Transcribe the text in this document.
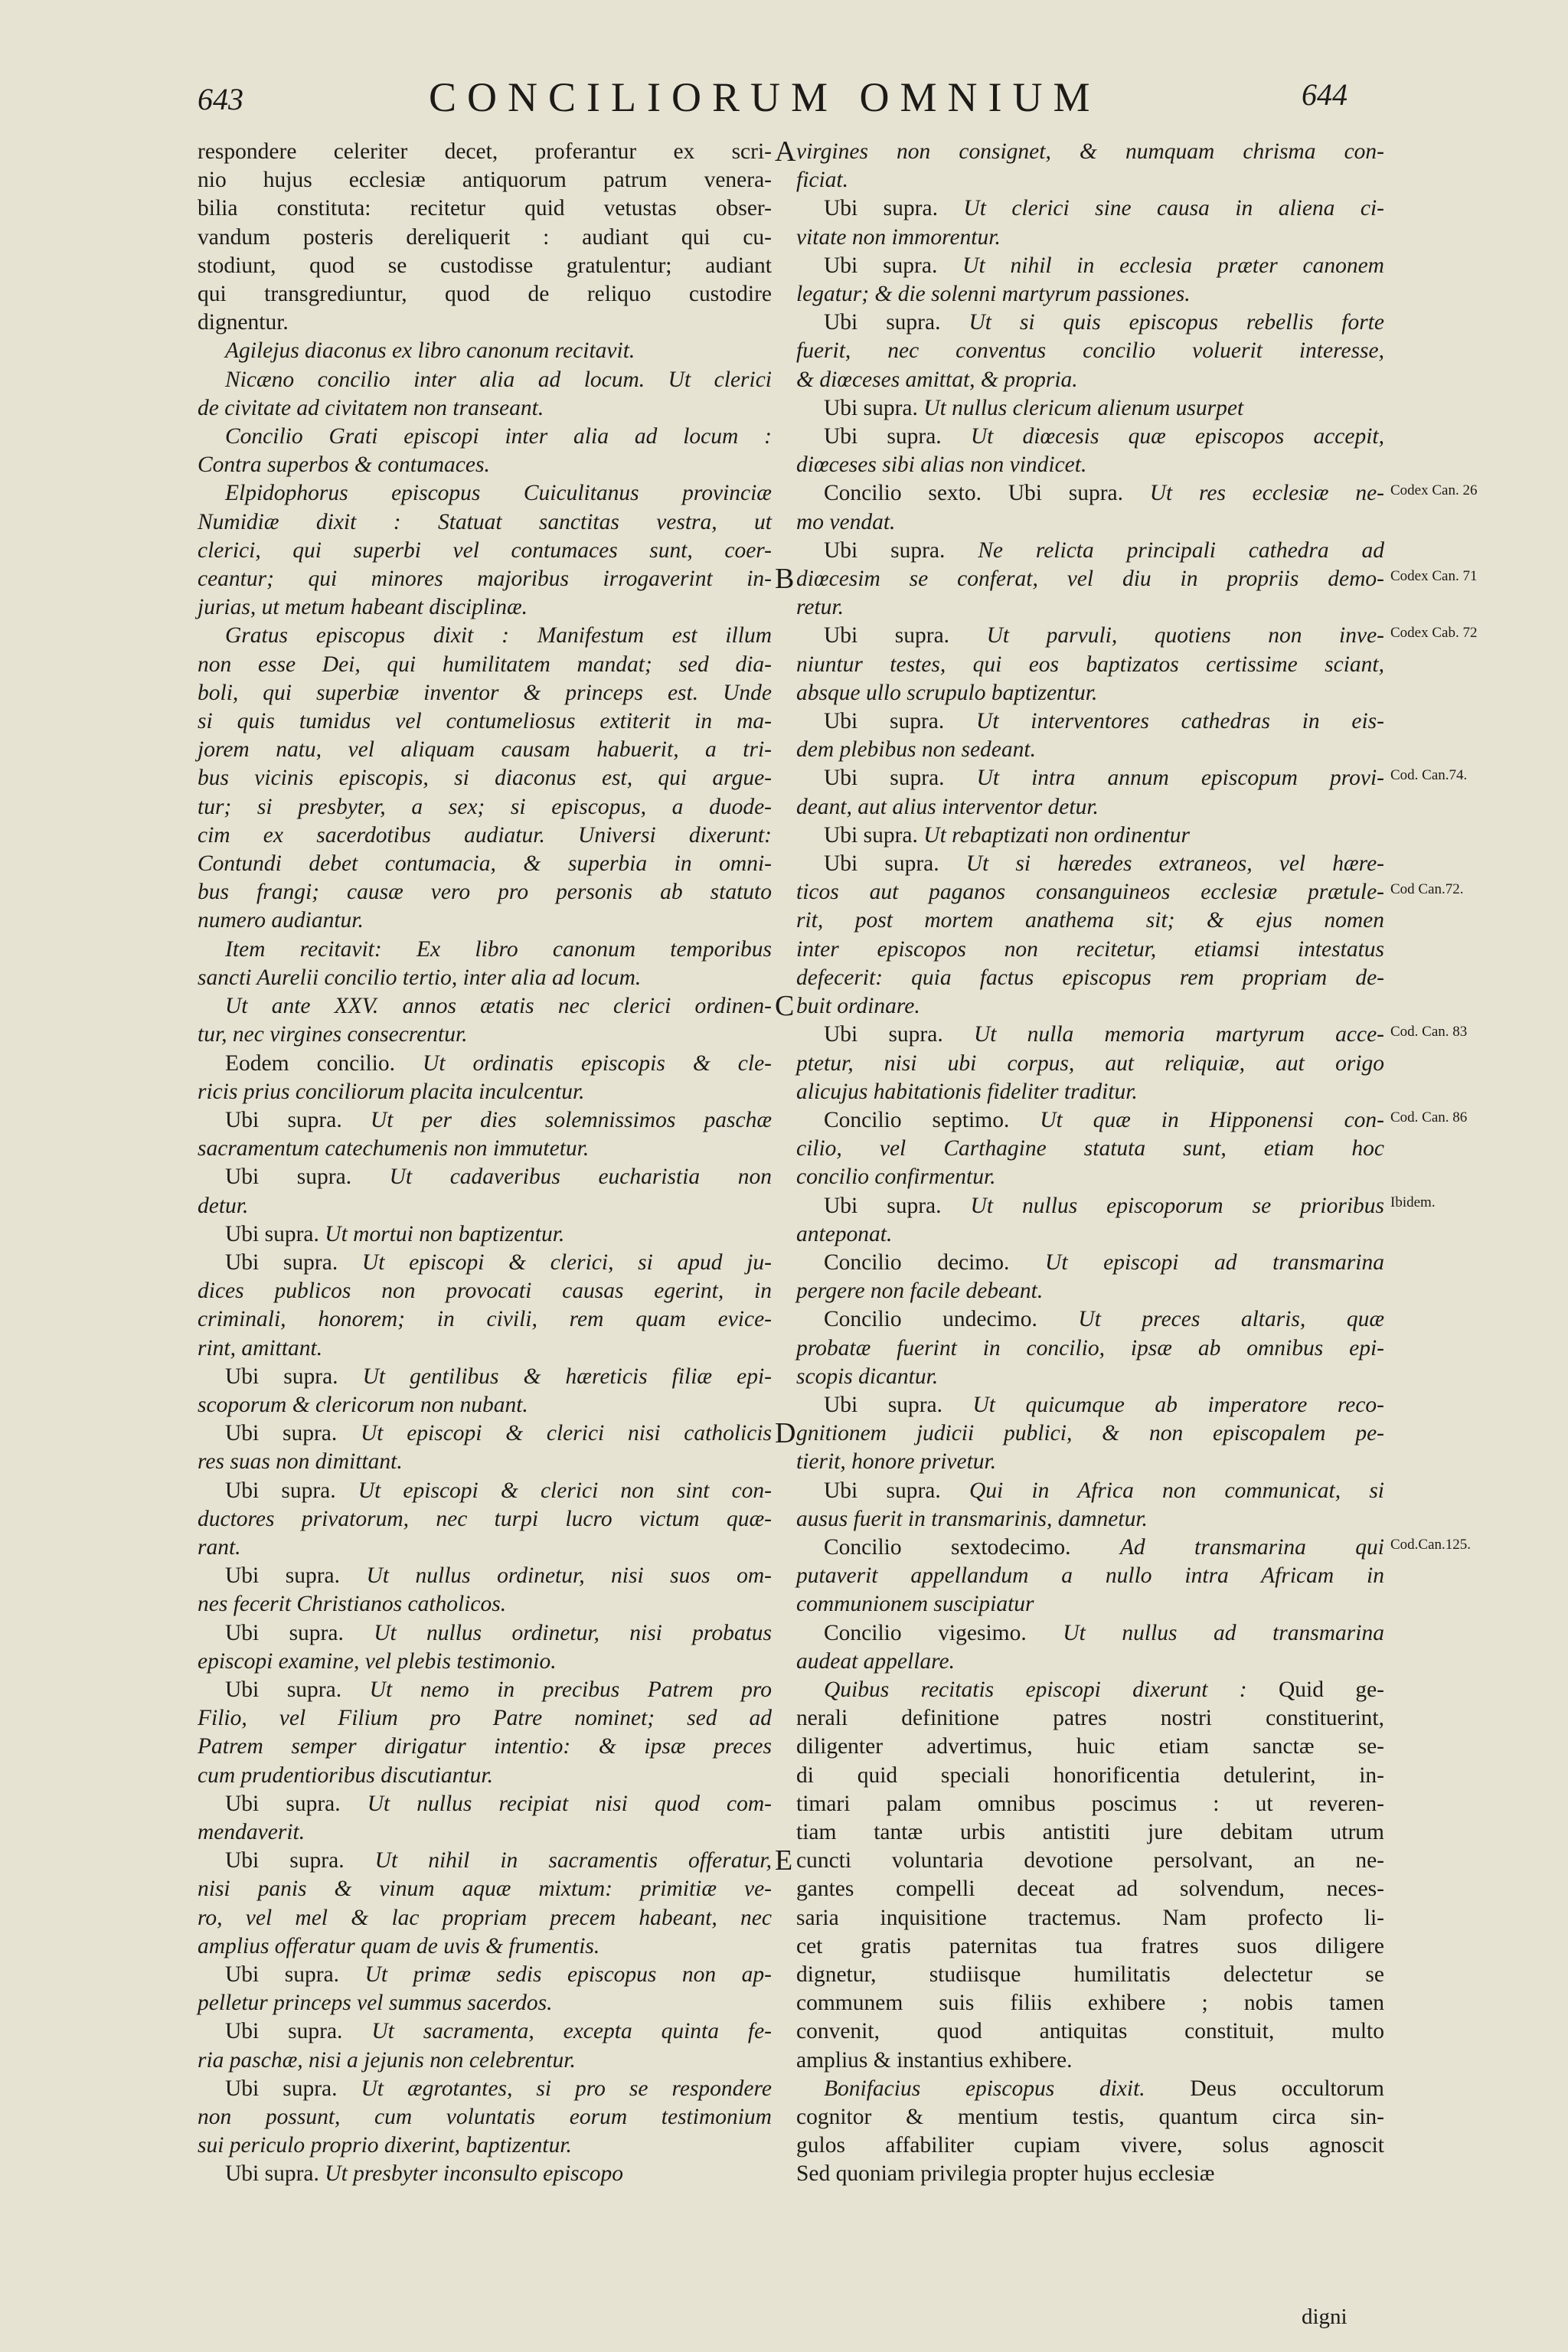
643	CONCILIORUM OMNIUM	644

respondere celeriter decet, proferantur ex scri-

nio hujus ecclesiæ antiquorum patrum venera-

bilia constituta: recitetur quid vetustas obser-

vandum posteris dereliquerit : audiant qui cu-

stodiunt, quod se custodisse gratulentur; audiant

qui transgrediuntur, quod de reliquo custodire

dignentur.

Agilejus diaconus ex libro canonum recitavit.

Nicæno concilio inter alia ad locum. Ut clerici

de civitate ad civitatem non transeant.

Concilio Grati episcopi inter alia ad locum :

Contra superbos & contumaces.

Elpidophorus episcopus Cuiculitanus provinciæ

Numidiæ dixit : Statuat sanctitas vestra, ut

clerici, qui superbi vel contumaces sunt, coer-

ceantur; qui minores majoribus irrogaverint in-

jurias, ut metum habeant disciplinæ.

Gratus episcopus dixit : Manifestum est illum

non esse Dei, qui humilitatem mandat; sed dia-

boli, qui superbiæ inventor & princeps est. Unde

si quis tumidus vel contumeliosus extiterit in ma-

jorem natu, vel aliquam causam habuerit, a tri-

bus vicinis episcopis, si diaconus est, qui argue-

tur; si presbyter, a sex; si episcopus, a duode-

cim ex sacerdotibus audiatur. Universi dixerunt:

Contundi debet contumacia, & superbia in omni-

bus frangi; causæ vero pro personis ab statuto

numero audiantur.

Item recitavit: Ex libro canonum temporibus

sancti Aurelii concilio tertio, inter alia ad locum.

Ut ante XXV. annos ætatis nec clerici ordinen-

tur, nec virgines consecrentur.

Eodem concilio. Ut ordinatis episcopis & cle-

ricis prius conciliorum placita inculcentur.

Ubi supra. Ut per dies solemnissimos paschæ

sacramentum catechumenis non immutetur.

Ubi supra. Ut cadaveribus eucharistia non

detur.

Ubi supra. Ut mortui non baptizentur.

Ubi supra. Ut episcopi & clerici, si apud ju-

dices publicos non provocati causas egerint, in

criminali, honorem; in civili, rem quam evice-

rint, amittant.

Ubi supra. Ut gentilibus & hæreticis filiæ epi-

scoporum & clericorum non nubant.

Ubi supra. Ut episcopi & clerici nisi catholicis

res suas non dimittant.

Ubi supra. Ut episcopi & clerici non sint con-

ductores privatorum, nec turpi lucro victum quæ-

rant.

Ubi supra. Ut nullus ordinetur, nisi suos om-

nes fecerit Christianos catholicos.

Ubi supra. Ut nullus ordinetur, nisi probatus

episcopi examine, vel plebis testimonio.

Ubi supra. Ut nemo in precibus Patrem pro

Filio, vel Filium pro Patre nominet; sed ad

Patrem semper dirigatur intentio: & ipsæ preces

cum prudentioribus discutiantur.

Ubi supra. Ut nullus recipiat nisi quod com-

mendaverit.

Ubi supra. Ut nihil in sacramentis offeratur,

nisi panis & vinum aquæ mixtum: primitiæ ve-

ro, vel mel & lac propriam precem habeant, nec

amplius offeratur quam de uvis & frumentis.

Ubi supra. Ut primæ sedis episcopus non ap-

pelletur princeps vel summus sacerdos.

Ubi supra. Ut sacramenta, excepta quinta fe-

ria paschæ, nisi a jejunis non celebrentur.

Ubi supra. Ut ægrotantes, si pro se respondere

non possunt, cum voluntatis eorum testimonium

sui periculo proprio dixerint, baptizentur.

Ubi supra. Ut presbyter inconsulto episcopo

virgines non consignet, & numquam chrisma con-

ficiat.

Ubi supra. Ut clerici sine causa in aliena ci-

vitate non immorentur.

Ubi supra. Ut nihil in ecclesia præter canonem

legatur; & die solenni martyrum passiones.

Ubi supra. Ut si quis episcopus rebellis forte

fuerit, nec conventus concilio voluerit interesse,

& diœceses amittat, & propria.

Ubi supra. Ut nullus clericum alienum usurpet

Ubi supra. Ut diœcesis quæ episcopos accepit,

diœceses sibi alias non vindicet.

Concilio sexto. Ubi supra. Ut res ecclesiæ ne-

mo vendat.

Ubi supra. Ne relicta principali cathedra ad

diœcesim se conferat, vel diu in propriis demo-

retur.

Ubi supra. Ut parvuli, quotiens non inve-

niuntur testes, qui eos baptizatos certissime sciant,

absque ullo scrupulo baptizentur.

Ubi supra. Ut interventores cathedras in eis-

dem plebibus non sedeant.

Ubi supra. Ut intra annum episcopum provi-

deant, aut alius interventor detur.

Ubi supra. Ut rebaptizati non ordinentur

Ubi supra. Ut si hæredes extraneos, vel hære-

ticos aut paganos consanguineos ecclesiæ prætule-

rit, post mortem anathema sit; & ejus nomen

inter episcopos non recitetur, etiamsi intestatus

defecerit: quia factus episcopus rem propriam de-

buit ordinare.

Ubi supra. Ut nulla memoria martyrum acce-

ptetur, nisi ubi corpus, aut reliquiæ, aut origo

alicujus habitationis fideliter traditur.

Concilio septimo. Ut quæ in Hipponensi con-

cilio, vel Carthagine statuta sunt, etiam hoc

concilio confirmentur.

Ubi supra. Ut nullus episcoporum se prioribus

anteponat.

Concilio decimo. Ut episcopi ad transmarina

pergere non facile debeant.

Concilio undecimo. Ut preces altaris, quæ

probatæ fuerint in concilio, ipsæ ab omnibus epi-

scopis dicantur.

Ubi supra. Ut quicumque ab imperatore reco-

gnitionem judicii publici, & non episcopalem pe-

tierit, honore privetur.

Ubi supra. Qui in Africa non communicat, si

ausus fuerit in transmarinis, damnetur.

Concilio sextodecimo. Ad transmarina qui

putaverit appellandum a nullo intra Africam in

communionem suscipiatur

Concilio vigesimo. Ut nullus ad transmarina

audeat appellare.

Quibus recitatis episcopi dixerunt : Quid ge-

nerali definitione patres nostri constituerint,

diligenter advertimus, huic etiam sanctæ se-

di quid speciali honorificentia detulerint, in-

timari palam omnibus poscimus : ut reveren-

tiam tantæ urbis antistiti jure debitam utrum

cuncti voluntaria devotione persolvant, an ne-

gantes compelli deceat ad solvendum, neces-

saria inquisitione tractemus. Nam profecto li-

cet gratis paternitas tua fratres suos diligere

dignetur, studiisque humilitatis delectetur se

communem suis filiis exhibere ; nobis tamen

convenit, quod antiquitas constituit, multo

amplius & instantius exhibere.

Bonifacius episcopus dixit. Deus occultorum

cognitor & mentium testis, quantum circa sin-

gulos affabiliter cupiam vivere, solus agnoscit

Sed quoniam privilegia propter hujus ecclesiæ

A
B
C
D
E
Codex Can. 26
Codex Can. 71
Codex Cab. 72
Cod. Can.74.
Cod Can.72.
Cod. Can. 83
Cod. Can. 86
Ibidem.
Cod.Can.125.
digni
